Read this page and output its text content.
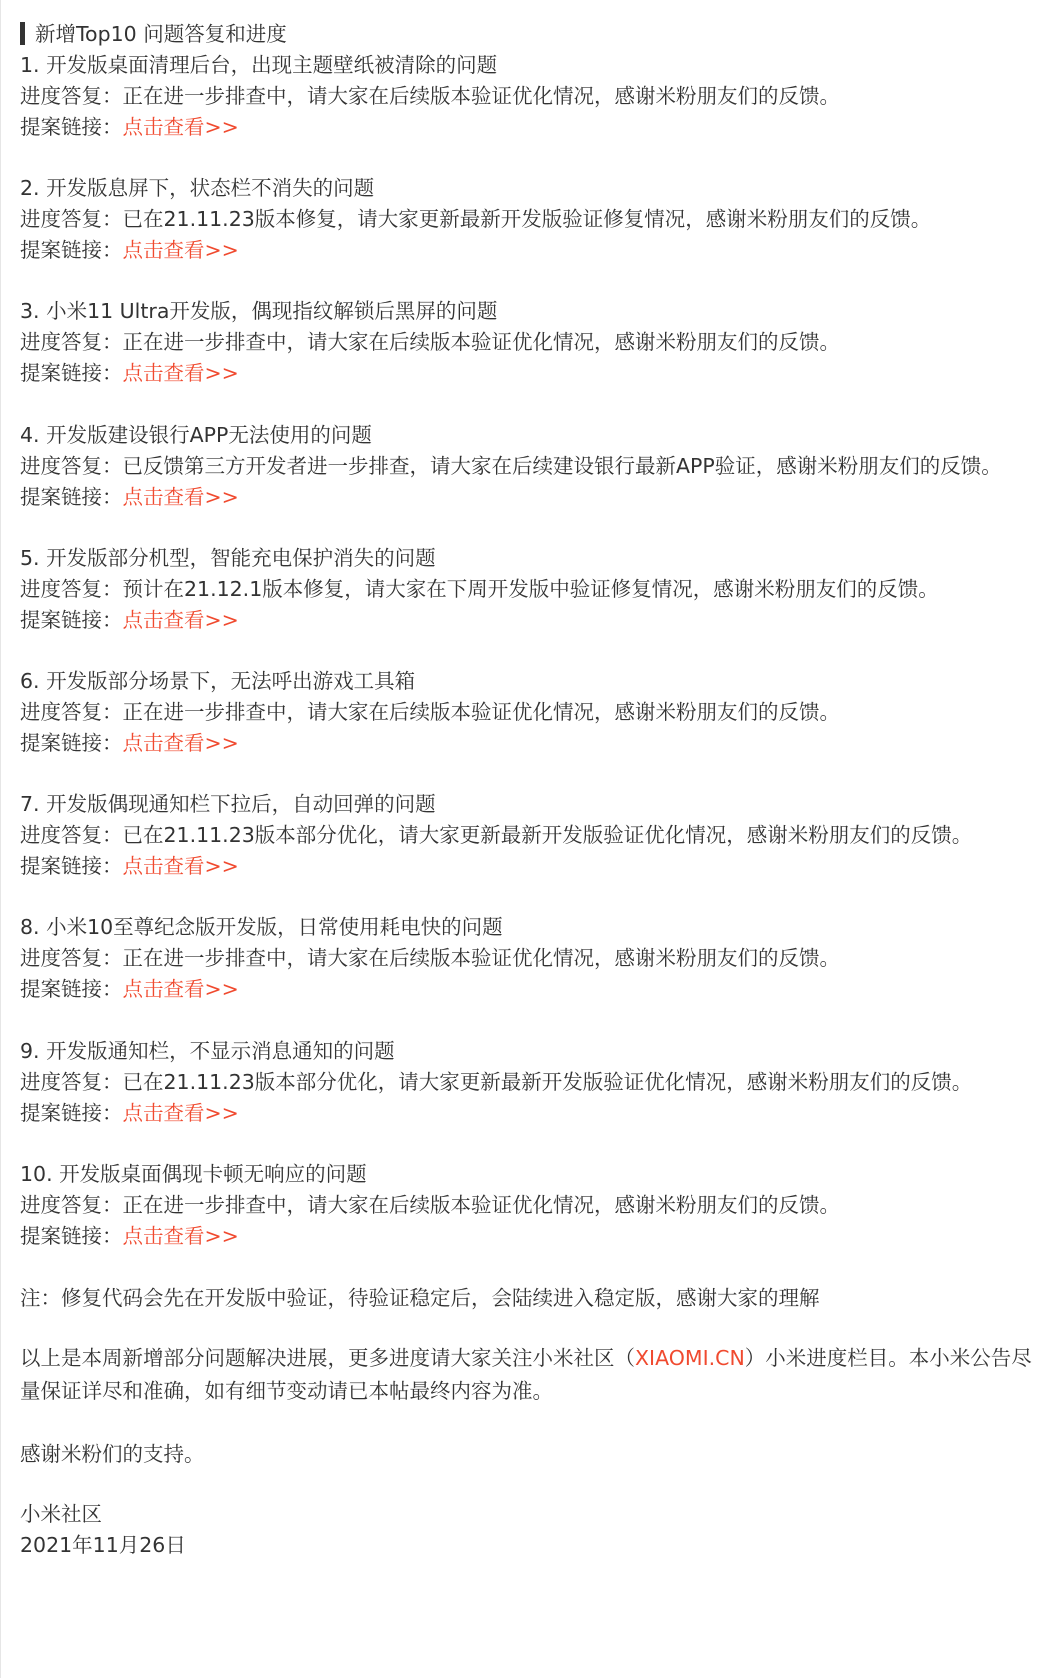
新增Top10 问题答复和进度
1. 开发版桌面清理后台，出现主题壁纸被清除的问题
进度答复：正在进一步排查中，请大家在后续版本验证优化情况，感谢米粉朋友们的反馈。
提案链接：点击查看>>
2. 开发版息屏下，状态栏不消失的问题
进度答复：已在21.11.23版本修复，请大家更新最新开发版验证修复情况，感谢米粉朋友们的反馈。
提案链接：点击查看>>
3. 小米11 Ultra开发版，偶现指纹解锁后黑屏的问题
进度答复：正在进一步排查中，请大家在后续版本验证优化情况，感谢米粉朋友们的反馈。
提案链接：点击查看>>
4. 开发版建设银行APP无法使用的问题
进度答复：已反馈第三方开发者进一步排查，请大家在后续建设银行最新APP验证，感谢米粉朋友们的反馈。
提案链接：点击查看>>
5. 开发版部分机型，智能充电保护消失的问题
进度答复：预计在21.12.1版本修复，请大家在下周开发版中验证修复情况，感谢米粉朋友们的反馈。
提案链接：点击查看>>
6. 开发版部分场景下，无法呼出游戏工具箱
进度答复：正在进一步排查中，请大家在后续版本验证优化情况，感谢米粉朋友们的反馈。
提案链接：点击查看>>
7. 开发版偶现通知栏下拉后，自动回弹的问题
进度答复：已在21.11.23版本部分优化，请大家更新最新开发版验证优化情况，感谢米粉朋友们的反馈。
提案链接：点击查看>>
8. 小米10至尊纪念版开发版，日常使用耗电快的问题
进度答复：正在进一步排查中，请大家在后续版本验证优化情况，感谢米粉朋友们的反馈。
提案链接：点击查看>>
9. 开发版通知栏，不显示消息通知的问题
进度答复：已在21.11.23版本部分优化，请大家更新最新开发版验证优化情况，感谢米粉朋友们的反馈。
提案链接：点击查看>>
10. 开发版桌面偶现卡顿无响应的问题
进度答复：正在进一步排查中，请大家在后续版本验证优化情况，感谢米粉朋友们的反馈。
提案链接：点击查看>>
注：修复代码会先在开发版中验证，待验证稳定后，会陆续进入稳定版，感谢大家的理解
以上是本周新增部分问题解决进展，更多进度请大家关注小米社区（XIAOMI.CN）小米进度栏目。本小米公告尽量保证详尽和准确，如有细节变动请已本帖最终内容为准。
感谢米粉们的支持。
小米社区
2021年11月26日
